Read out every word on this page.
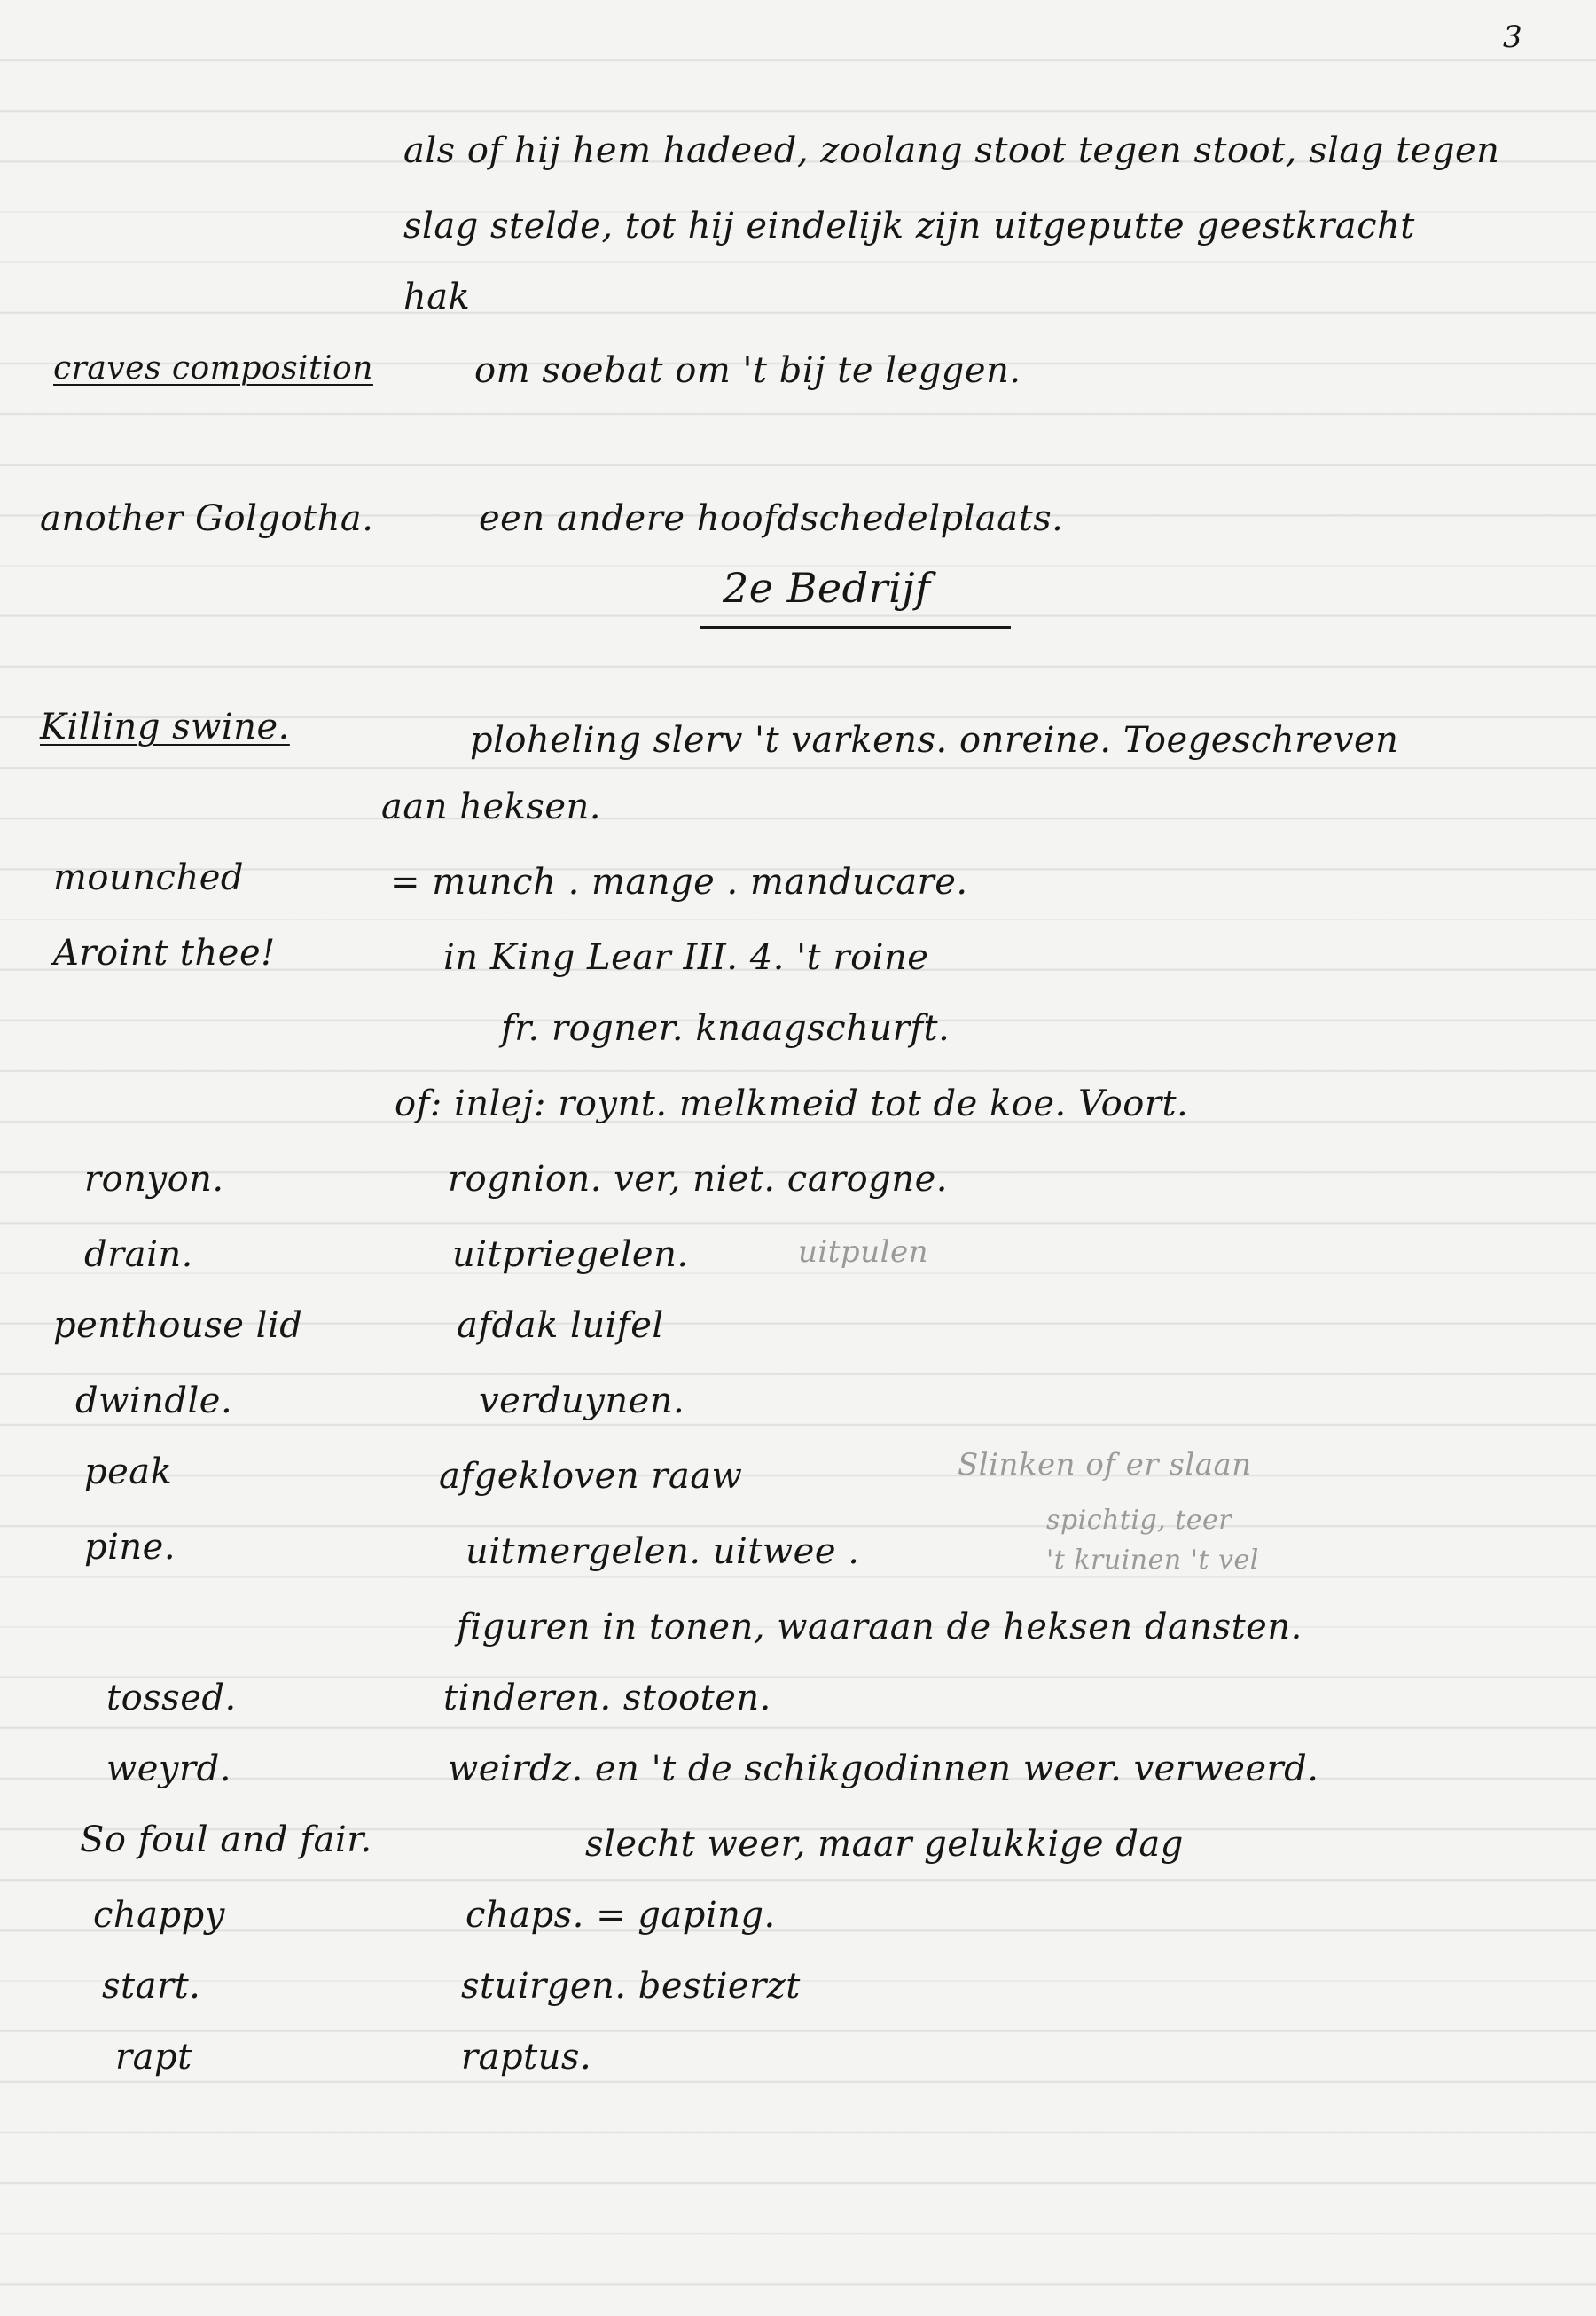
3
als of hij hem hadeed, zoolang stoot tegen stoot, slag tegen
slag stelde, tot hij eindelijk zijn uitgeputte geestkracht
hak
craves composition	om soebat om 't bij te leggen.
another Golgotha.	een andere hoofdschedelplaats.
2e Bedrijf
Killing swine.	ploheling slerv 't varkens. onreine. Toegeschreven
aan heksen.
mounched	= munch . mange . manducare.
Aroint thee!	in King Lear III. 4. 't roine
fr. rogner. knaagschurft.
of: inlej: roynt. melkmeid tot de koe. Voort.
ronyon.	rognion. ver, niet. carogne.
drain.	uitpriegelen.	uitpulen
penthouse lid	afdak luifel
dwindle.	verduynen.
peak	afgekloven raaw	Slinken of er slaan
pine.	uitmergelen. uitwee .
spichtig, teer
't kruinen 't vel
figuren in tonen, waaraan de heksen dansten.
tossed.	tinderen. stooten.
weyrd.	weirdz. en 't de schikgodinnen weer. verweerd.
So foul and fair.	slecht weer, maar gelukkige dag
chappy	chaps. = gaping.
start.	stuirgen. bestierzt
rapt	raptus.
